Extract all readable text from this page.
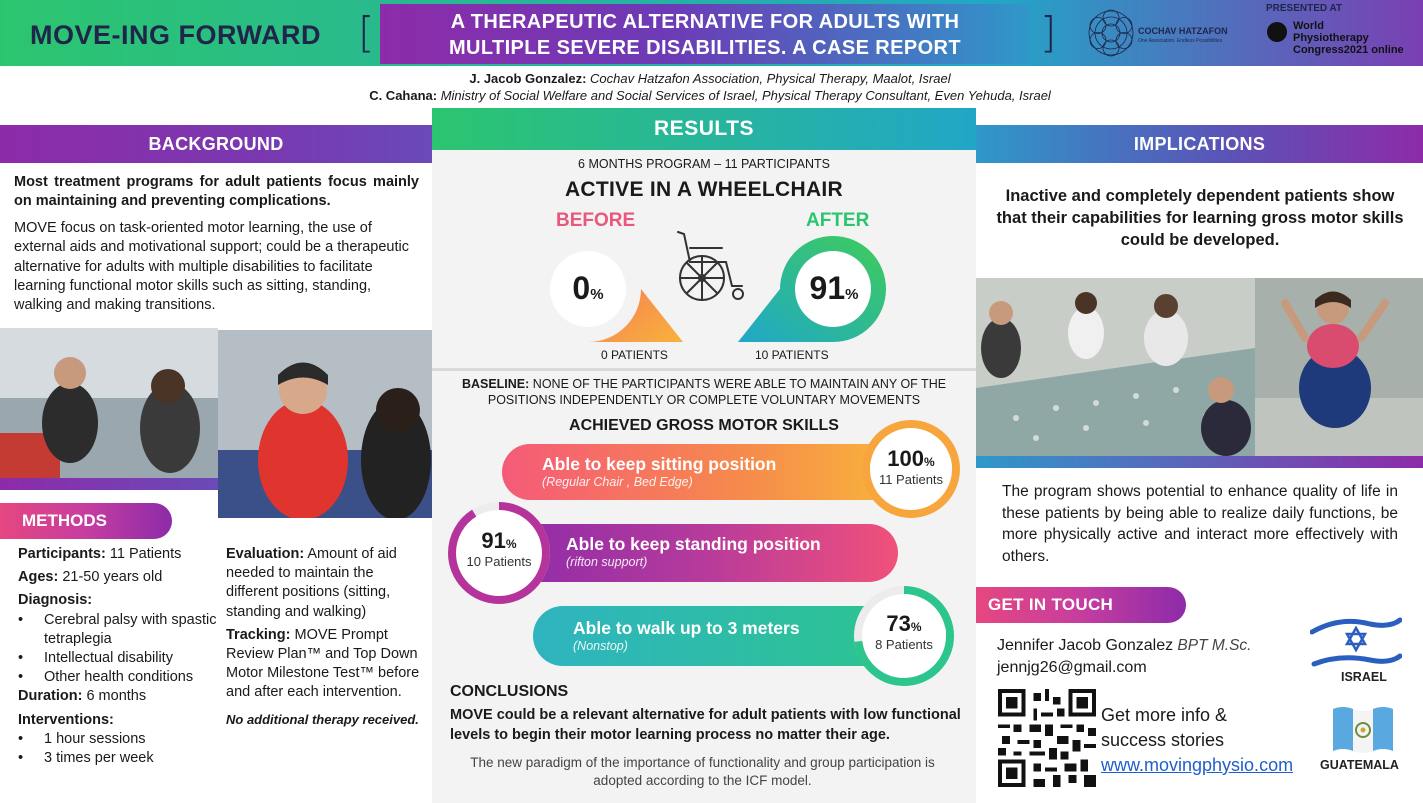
MOVE-ING FORWARD [	A THERAPEUTIC ALTERNATIVE FOR ADULTS WITH
MULTIPLE SEVERE DISABILITIES. A CASE REPORT	]	COCHAV HATZAFON
One Association. Endless Possibilities
PRESENTED AT
World
Physiotherapy
Congress2021 online
J. Jacob Gonzalez: Cochav Hatzafon Association, Physical Therapy, Maalot, Israel
C. Cahana: Ministry of Social Welfare and Social Services of Israel, Physical Therapy Consultant, Even Yehuda, Israel
BACKGROUND
Most treatment programs for adult patients focus mainly on maintaining and preventing complications.
MOVE focus on task-oriented motor learning, the use of external aids and motivational support; could be a therapeutic alternative for adults with multiple disabilities to facilitate learning functional motor skills such as sitting, standing, walking and making transitions.
METHODS
Participants: 11 Patients
Ages: 21-50 years old
Diagnosis:
• Cerebral palsy with spastic tetraplegia
• Intellectual disability
• Other health conditions
Duration: 6 months
Interventions:
• 1 hour sessions
• 3 times per week
Evaluation: Amount of aid needed to maintain the different positions (sitting, standing and walking)
Tracking: MOVE Prompt Review Plan™ and Top Down Motor Milestone Test™ before and after each intervention.
No additional therapy received.
RESULTS
6 MONTHS PROGRAM – 11 PARTICIPANTS
ACTIVE IN A WHEELCHAIR
BEFORE	AFTER
0%	91%
0 PATIENTS	10 PATIENTS
BASELINE: NONE OF THE PARTICIPANTS WERE ABLE TO MAINTAIN ANY OF THE POSITIONS INDEPENDENTLY OR COMPLETE VOLUNTARY MOVEMENTS
ACHIEVED GROSS MOTOR SKILLS
Able to keep sitting position
(Regular Chair , Bed Edge)
100%
11 Patients
Able to keep standing position
(rifton support)
91%
10 Patients
Able to walk up to 3 meters
(Nonstop)
73%
8 Patients
CONCLUSIONS
MOVE could be a relevant alternative for adult patients with low functional levels to begin their motor learning process no matter their age.
The new paradigm of the importance of functionality and group participation is adopted according to the ICF model.
IMPLICATIONS
Inactive and completely dependent patients show that their capabilities for learning gross motor skills could be developed.
The program shows potential to enhance quality of life in these patients by being able to realize daily functions, be more physically active and interact more effectively with others.
GET IN TOUCH
Jennifer Jacob Gonzalez BPT M.Sc.
jennjg26@gmail.com
Get more info &
success stories
www.movingphysio.com
ISRAEL
GUATEMALA
